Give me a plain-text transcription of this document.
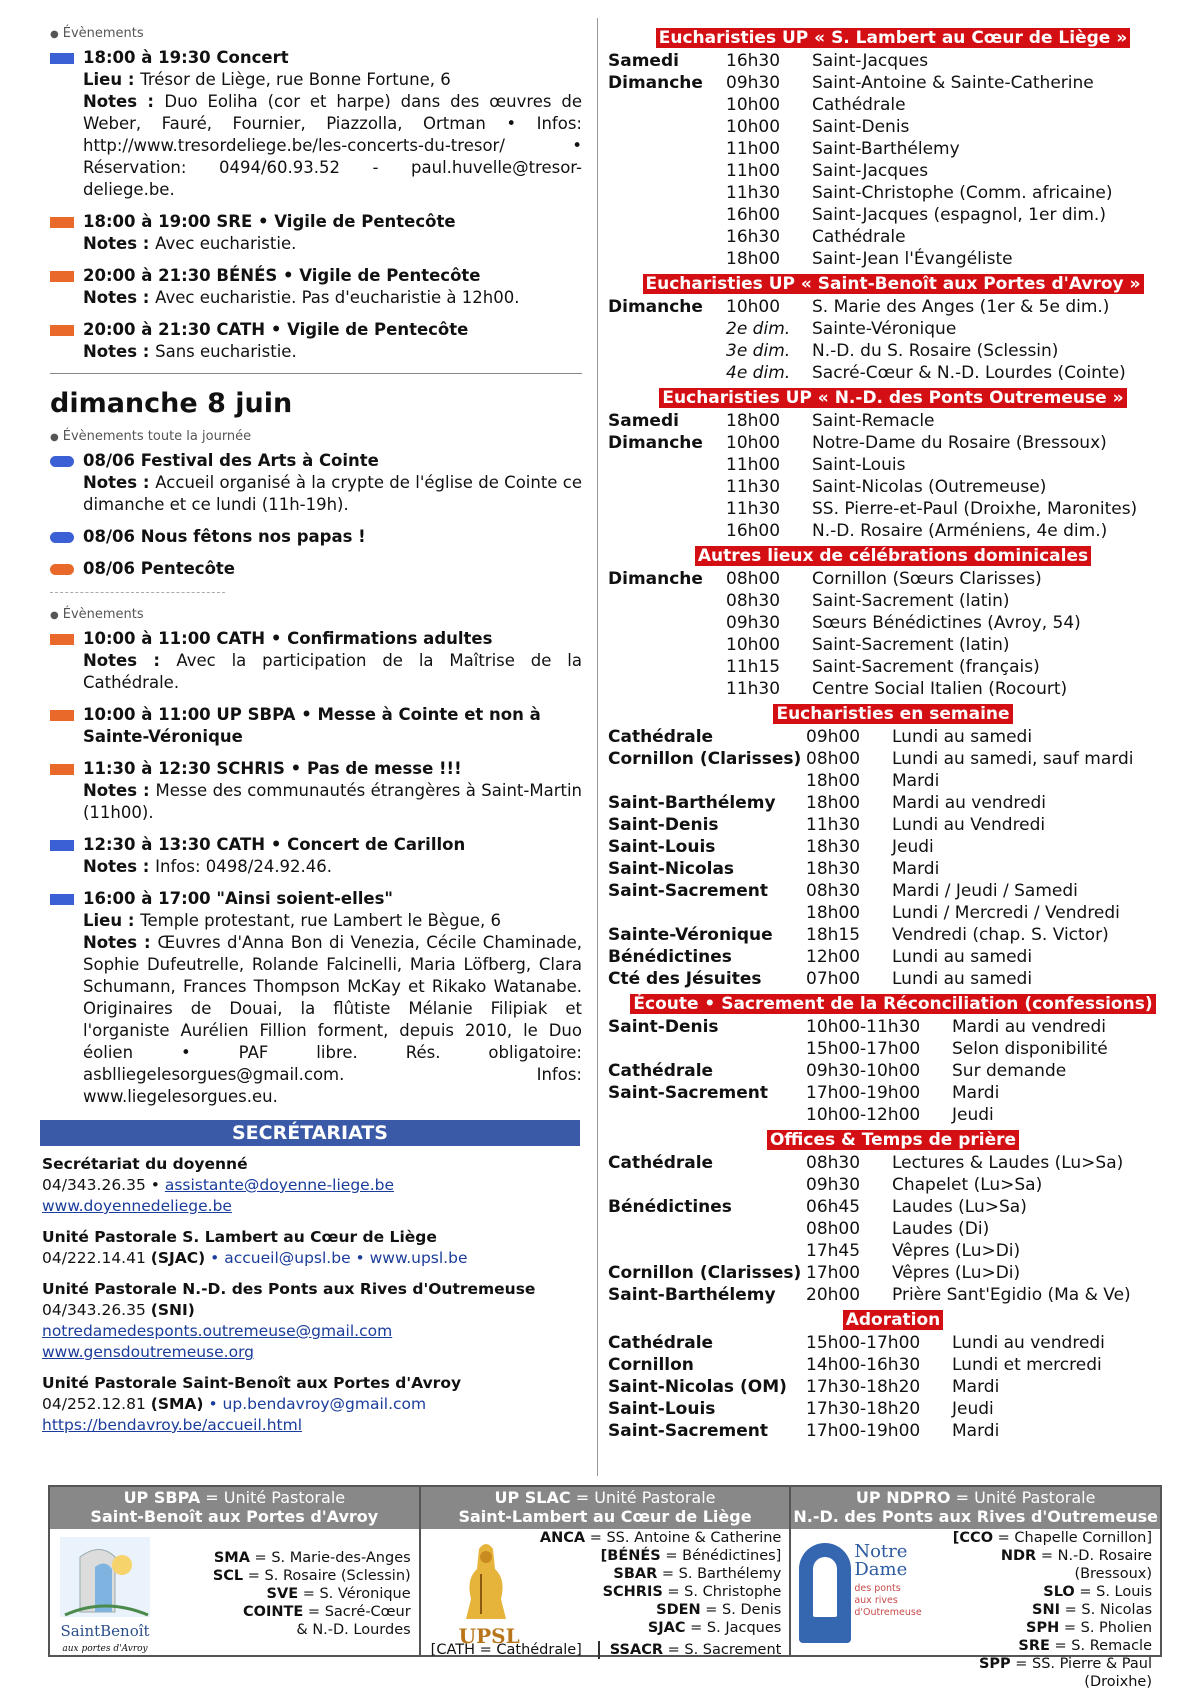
● Évènements
18:00 à 19:30 Concert
Lieu : Trésor de Liège, rue Bonne Fortune, 6
Notes : Duo Eoliha (cor et harpe) dans des œuvres de Weber, Fauré, Fournier, Piazzolla, Ortman • Infos: http://www.tresordeliege.be/les-concerts-du-tresor/ • Réservation: 0494/60.93.52 - paul.huvelle@tresor-deliege.be.
18:00 à 19:00 SRE • Vigile de Pentecôte
Notes : Avec eucharistie.
20:00 à 21:30 BÉNÉS • Vigile de Pentecôte
Notes : Avec eucharistie. Pas d'eucharistie à 12h00.
20:00 à 21:30 CATH • Vigile de Pentecôte
Notes : Sans eucharistie.
dimanche 8 juin
● Évènements toute la journée
08/06 Festival des Arts à Cointe
Notes : Accueil organisé à la crypte de l'église de Cointe ce dimanche et ce lundi (11h-19h).
08/06 Nous fêtons nos papas !
08/06 Pentecôte
● Évènements
10:00 à 11:00 CATH • Confirmations adultes
Notes : Avec la participation de la Maîtrise de la Cathédrale.
10:00 à 11:00 UP SBPA • Messe à Cointe et non à Sainte-Véronique
11:30 à 12:30 SCHRIS • Pas de messe !!!
Notes : Messe des communautés étrangères à Saint-Martin (11h00).
12:30 à 13:30 CATH • Concert de Carillon
Notes : Infos: 0498/24.92.46.
16:00 à 17:00 "Ainsi soient-elles"
Lieu : Temple protestant, rue Lambert le Bègue, 6
Notes : Œuvres d'Anna Bon di Venezia, Cécile Chaminade, Sophie Dufeutrelle, Rolande Falcinelli, Maria Löfberg, Clara Schumann, Frances Thompson McKay et Rikako Watanabe. Originaires de Douai, la flûtiste Mélanie Filipiak et l'organiste Aurélien Fillion forment, depuis 2010, le Duo éolien • PAF libre. Rés. obligatoire: asblliegelesorgues@gmail.com. Infos: www.liegelesorgues.eu.
SECRÉTARIATS
Secrétariat du doyenné
04/343.26.35 • assistante@doyenne-liege.be
www.doyennedeliege.be
Unité Pastorale S. Lambert au Cœur de Liège
04/222.14.41 (SJAC) • accueil@upsl.be • www.upsl.be
Unité Pastorale N.-D. des Ponts aux Rives d'Outremeuse
04/343.26.35 (SNI)
notredamedesponts.outremeuse@gmail.com
www.gensdoutremeuse.org
Unité Pastorale Saint-Benoît aux Portes d'Avroy
04/252.12.81 (SMA) • up.bendavroy@gmail.com
https://bendavroy.be/accueil.html
Eucharisties UP « S. Lambert au Cœur de Liège »
Samedi	16h30	Saint-Jacques
Dimanche	09h30	Saint-Antoine & Sainte-Catherine
10h00	Cathédrale
10h00	Saint-Denis
11h00	Saint-Barthélemy
11h00	Saint-Jacques
11h30	Saint-Christophe (Comm. africaine)
16h00	Saint-Jacques (espagnol, 1er dim.)
16h30	Cathédrale
18h00	Saint-Jean l'Évangéliste
Eucharisties UP « Saint-Benoît aux Portes d'Avroy »
Dimanche	10h00	S. Marie des Anges (1er & 5e dim.)
2e dim.	Sainte-Véronique
3e dim.	N.-D. du S. Rosaire (Sclessin)
4e dim.	Sacré-Cœur & N.-D. Lourdes (Cointe)
Eucharisties UP « N.-D. des Ponts Outremeuse »
Samedi	18h00	Saint-Remacle
Dimanche	10h00	Notre-Dame du Rosaire (Bressoux)
11h00	Saint-Louis
11h30	Saint-Nicolas (Outremeuse)
11h30	SS. Pierre-et-Paul (Droixhe, Maronites)
16h00	N.-D. Rosaire (Arméniens, 4e dim.)
Autres lieux de célébrations dominicales
Dimanche	08h00	Cornillon (Sœurs Clarisses)
08h30	Saint-Sacrement (latin)
09h30	Sœurs Bénédictines (Avroy, 54)
10h00	Saint-Sacrement (latin)
11h15	Saint-Sacrement (français)
11h30	Centre Social Italien (Rocourt)
Eucharisties en semaine
Cathédrale	09h00	Lundi au samedi
Cornillon (Clarisses) 08h00	Lundi au samedi, sauf mardi
18h00	Mardi
Saint-Barthélemy	18h00	Mardi au vendredi
Saint-Denis	11h30	Lundi au Vendredi
Saint-Louis	18h30	Jeudi
Saint-Nicolas	18h30	Mardi
Saint-Sacrement	08h30	Mardi / Jeudi / Samedi
18h00	Lundi / Mercredi / Vendredi
Sainte-Véronique	18h15	Vendredi (chap. S. Victor)
Bénédictines	12h00	Lundi au samedi
Cté des Jésuites	07h00	Lundi au samedi
Écoute • Sacrement de la Réconciliation (confessions)
Saint-Denis	10h00-11h30	Mardi au vendredi
15h00-17h00	Selon disponibilité
Cathédrale	09h30-10h00	Sur demande
Saint-Sacrement	17h00-19h00	Mardi
10h00-12h00	Jeudi
Offices & Temps de prière
Cathédrale	08h30	Lectures & Laudes (Lu>Sa)
09h30	Chapelet (Lu>Sa)
Bénédictines	06h45	Laudes (Lu>Sa)
08h00	Laudes (Di)
17h45	Vêpres (Lu>Di)
Cornillon (Clarisses) 17h00	Vêpres (Lu>Di)
Saint-Barthélemy	20h00	Prière Sant'Egidio (Ma & Ve)
Adoration
Cathédrale	15h00-17h00	Lundi au vendredi
Cornillon	14h00-16h30	Lundi et mercredi
Saint-Nicolas (OM)	17h30-18h20	Mardi
Saint-Louis	17h30-18h20	Jeudi
Saint-Sacrement	17h00-19h00	Mardi
UP SBPA = Unité Pastorale
Saint-Benoît aux Portes d'Avroy
SaintBenoît
aux portes d'Avroy
SMA = S. Marie-des-Anges
SCL = S. Rosaire (Sclessin)
SVE = S. Véronique
COINTE = Sacré-Cœur
& N.-D. Lourdes
UP SLAC = Unité Pastorale
Saint-Lambert au Cœur de Liège
UPSL
ANCA = SS. Antoine & Catherine
[BÉNÉS = Bénédictines]
SBAR = S. Barthélemy
SCHRIS = S. Christophe
SDEN = S. Denis
SJAC = S. Jacques
[CATH = Cathédrale]	SSACR = S. Sacrement
UP NDPRO = Unité Pastorale
N.-D. des Ponts aux Rives d'Outremeuse
Notre
Dame
des ponts
aux rives
d'Outremeuse
[CCO = Chapelle Cornillon]
NDR = N.-D. Rosaire (Bressoux)
SLO = S. Louis
SNI = S. Nicolas
SPH = S. Pholien
SRE = S. Remacle
SPP = SS. Pierre & Paul (Droixhe)
